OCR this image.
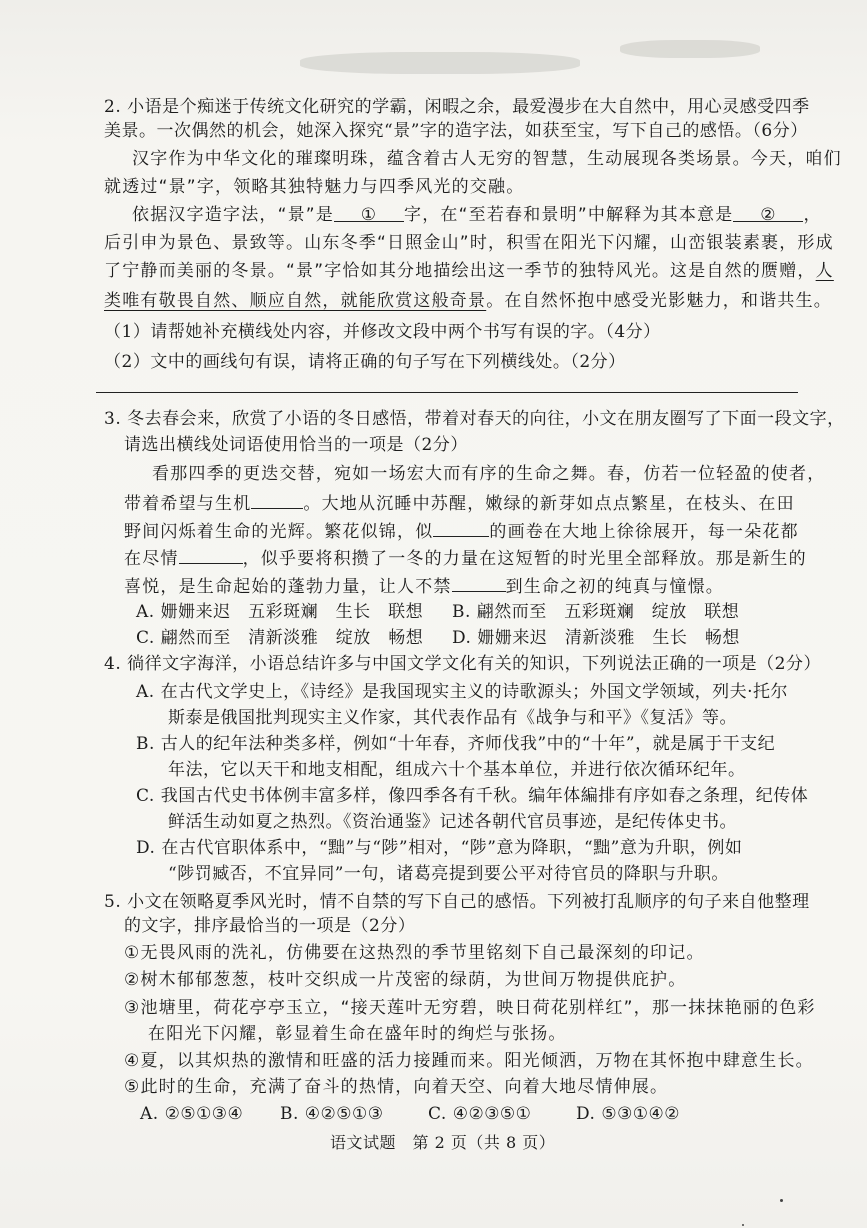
2. 小语是个痴迷于传统文化研究的学霸，闲暇之余，最爱漫步在大自然中，用心灵感受四季
美景。一次偶然的机会，她深入探究“景”字的造字法，如获至宝，写下自己的感悟。（6分）
汉字作为中华文化的璀璨明珠，蕴含着古人无穷的智慧，生动展现各类场景。今天，咱们
就透过“景”字，领略其独特魅力与四季风光的交融。
依据汉字造字法，“景”是 ① 字，在“至若春和景明”中解释为其本意是 ② ，
后引申为景色、景致等。山东冬季“日照金山”时，积雪在阳光下闪耀，山峦银装素裹，形成
了宁静而美丽的冬景。“景”字恰如其分地描绘出这一季节的独特风光。这是自然的赝赠，人
类唯有敬畏自然、顺应自然，就能欣赏这般奇景。在自然怀抱中感受光影魅力，和谐共生。
（1）请帮她补充横线处内容，并修改文段中两个书写有误的字。（4分）
（2）文中的画线句有误，请将正确的句子写在下列横线处。（2分）
3. 冬去春会来，欣赏了小语的冬日感悟，带着对春天的向往，小文在朋友圈写了下面一段文字，
请选出横线处词语使用恰当的一项是（2分）
看那四季的更迭交替，宛如一场宏大而有序的生命之舞。春，仿若一位轻盈的使者，
带着希望与生机	。大地从沉睡中苏醒，嫩绿的新芽如点点繁星，在枝头、在田
野间闪烁着生命的光辉。繁花似锦，似	的画卷在大地上徐徐展开，每一朵花都
在尽情	，似乎要将积攒了一冬的力量在这短暂的时光里全部释放。那是新生的
喜悦，是生命起始的蓬勃力量，让人不禁	到生命之初的纯真与憧憬。
A. 姗姗来迟　五彩斑斓　生长　联想 B. 翩然而至　五彩斑斓　绽放　联想
C. 翩然而至　清新淡雅　绽放　畅想 D. 姗姗来迟　清新淡雅　生长　畅想
4. 徜徉文字海洋，小语总结许多与中国文学文化有关的知识，下列说法正确的一项是（2分）
A. 在古代文学史上，《诗经》是我国现实主义的诗歌源头；外国文学领域，列夫·托尔
斯泰是俄国批判现实主义作家，其代表作品有《战争与和平》《复活》等。
B. 古人的纪年法种类多样，例如“十年春，齐师伐我”中的“十年”，就是属于干支纪
年法，它以天干和地支相配，组成六十个基本单位，并进行依次循环纪年。
C. 我国古代史书体例丰富多样，像四季各有千秋。编年体編排有序如春之条理，纪传体
鲜活生动如夏之热烈。《资治通鉴》记述各朝代官员事迹，是纪传体史书。
D. 在古代官职体系中，“黜”与“陟”相对，“陟”意为降职，“黜”意为升职，例如
“陟罚臧否，不宜异同”一句，诸葛亮提到要公平对待官员的降职与升职。
5. 小文在领略夏季风光时，情不自禁的写下自己的感悟。下列被打乱顺序的句子来自他整理
的文字，排序最恰当的一项是（2分）
①无畏风雨的洗礼，仿佛要在这热烈的季节里铭刻下自己最深刻的印记。
②树木郁郁葱葱，枝叶交织成一片茂密的绿荫，为世间万物提供庇护。
③池塘里，荷花亭亭玉立，“接天莲叶无穷碧，映日荷花别样红”，那一抹抹艳丽的色彩
在阳光下闪耀，彰显着生命在盛年时的绚烂与张扬。
④夏，以其炽热的激情和旺盛的活力接踵而来。阳光倾洒，万物在其怀抱中肆意生长。
⑤此时的生命，充满了奋斗的热情，向着天空、向着大地尽情伸展。
A. ②⑤①③④ B. ④②⑤①③	C. ④②③⑤①	D. ⑤③①④②
语文试题　第 2 页（共 8 页）
